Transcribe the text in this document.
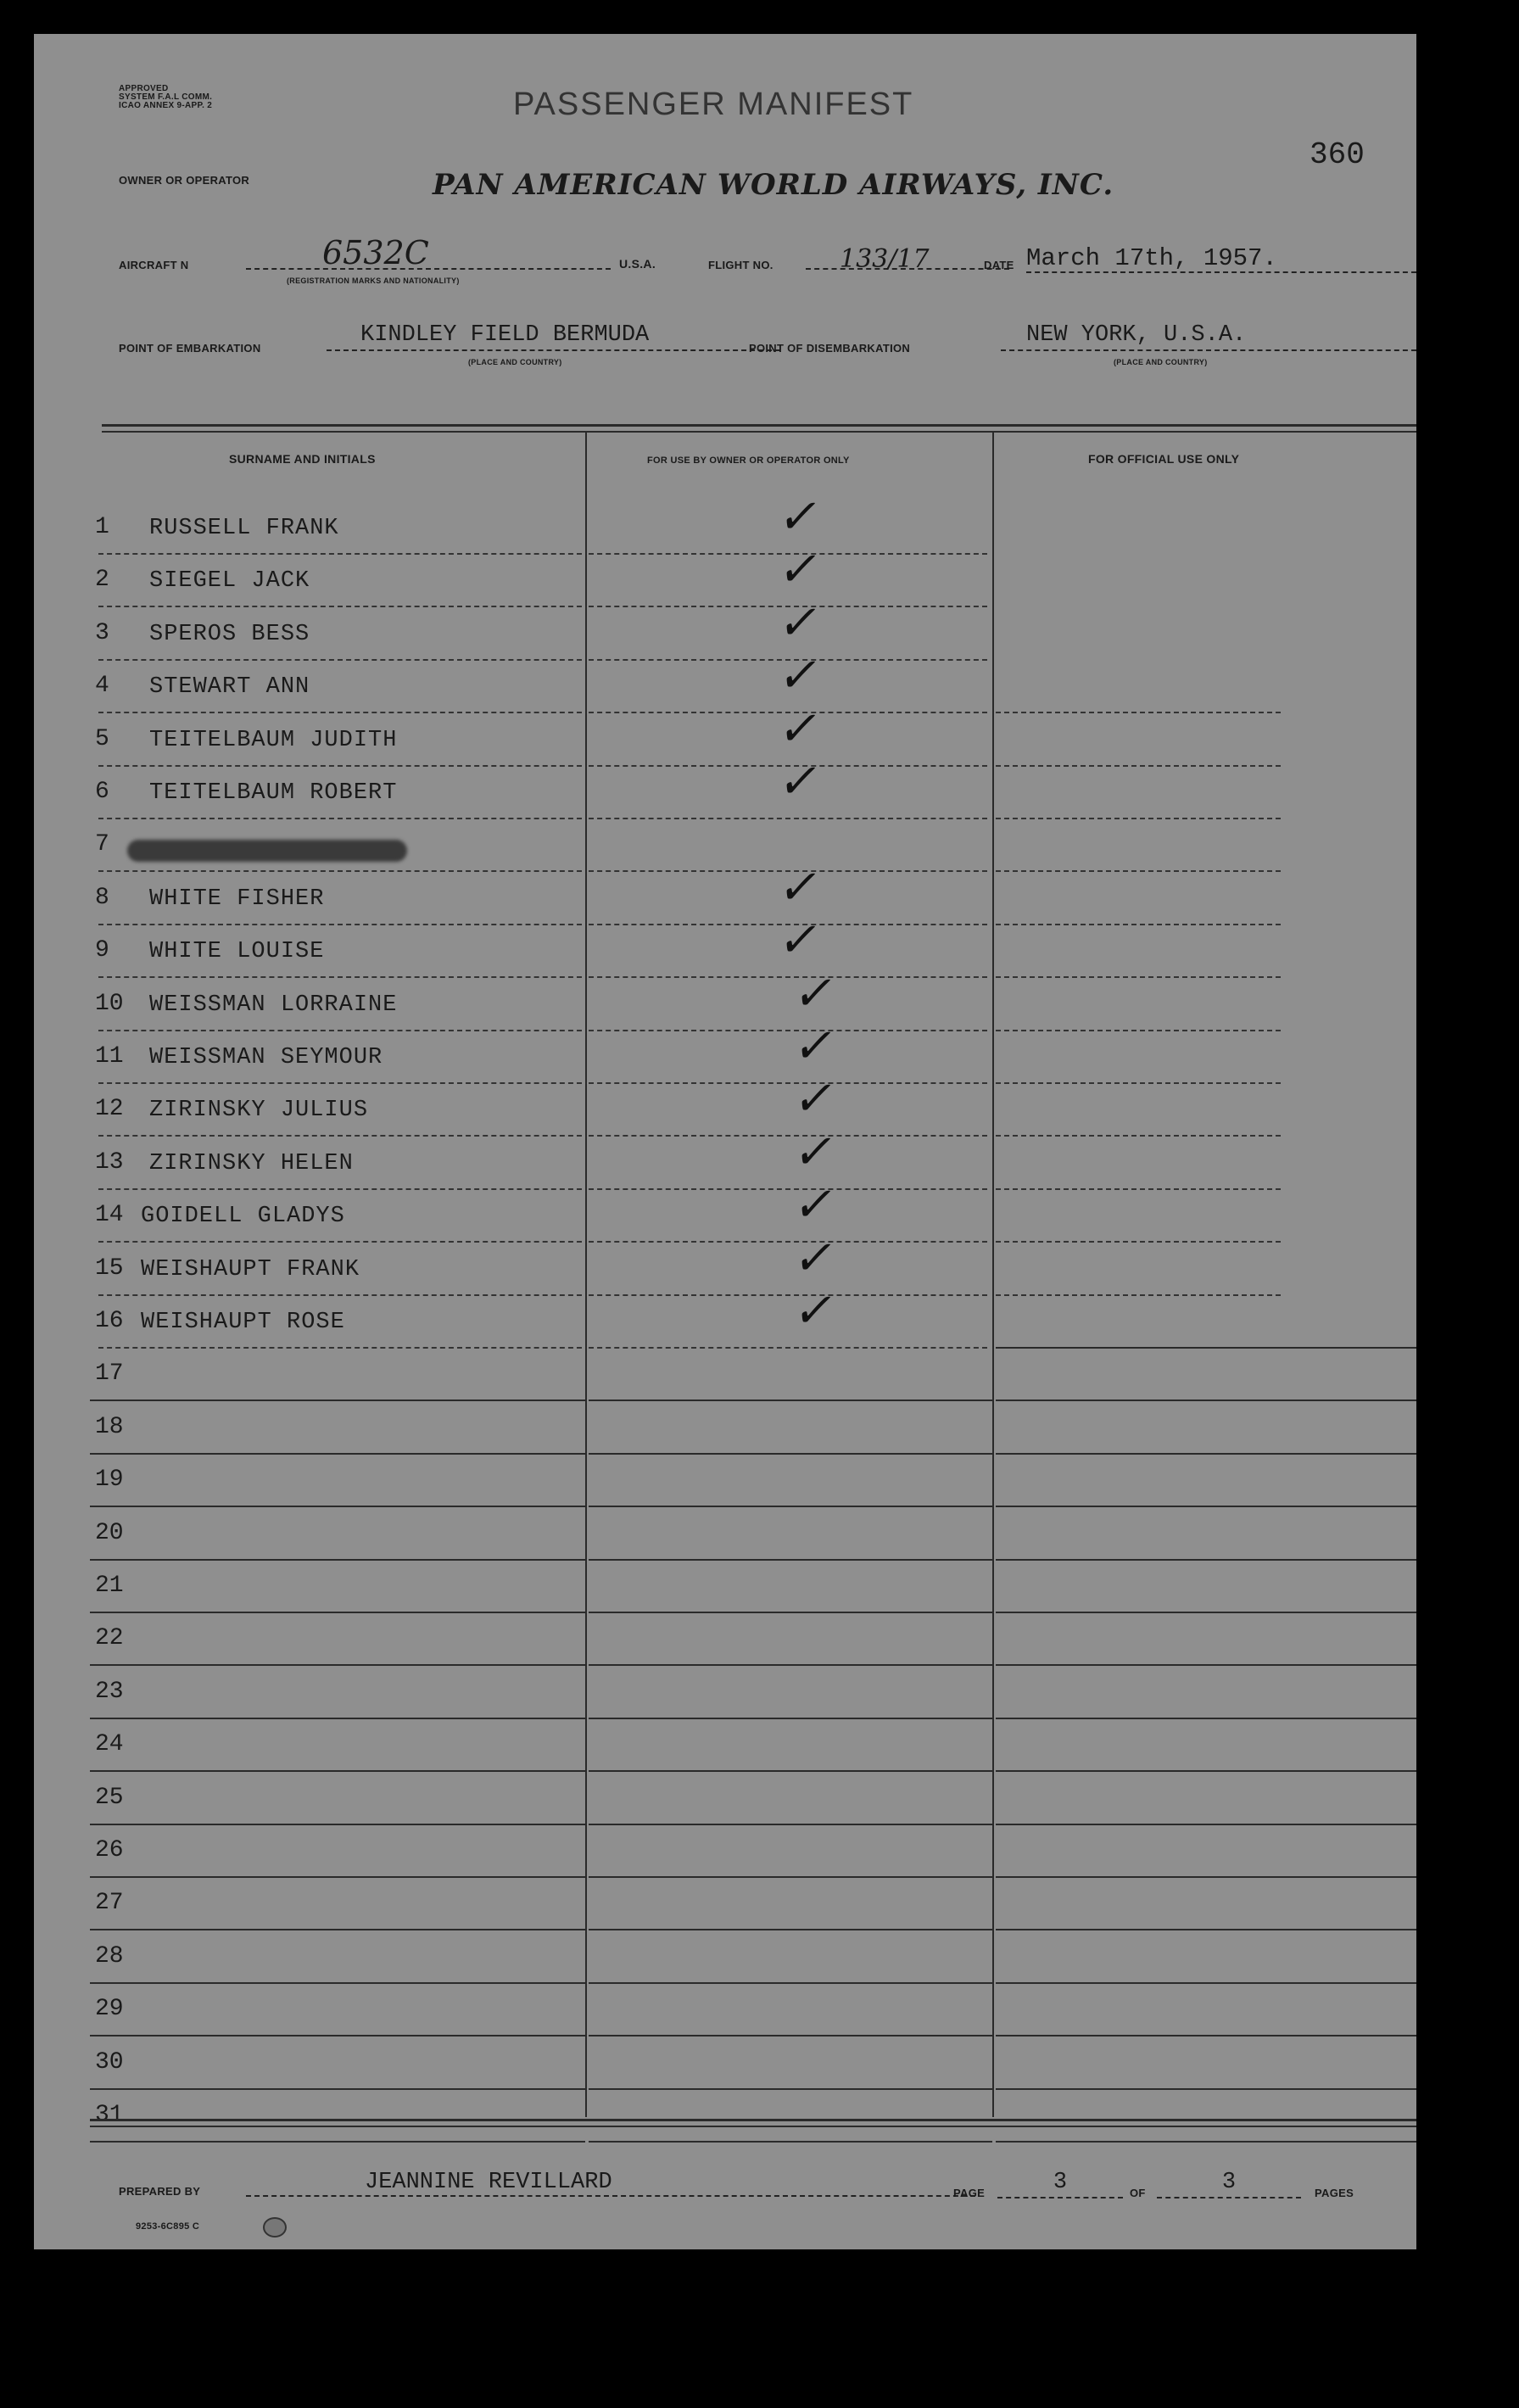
APPROVED
SYSTEM F.A.L COMM.
ICAO ANNEX 9-APP. 2	PASSENGER MANIFEST
360
OWNER OR OPERATOR	PAN AMERICAN WORLD AIRWAYS, INC.
AIRCRAFT N	6532C
(REGISTRATION MARKS AND NATIONALITY)
U.S.A.	FLIGHT NO.	133/17	DATE March 17th, 1957.
POINT OF EMBARKATION
KINDLEY FIELD BERMUDA
(PLACE AND COUNTRY)
POINT OF DISEMBARKATION
NEW YORK, U.S.A.
(PLACE AND COUNTRY)
SURNAME AND INITIALS	FOR USE BY OWNER OR OPERATOR ONLY	FOR OFFICIAL USE ONLY
1 RUSSELL FRANK	✓
2 SIEGEL JACK	✓
3 SPEROS BESS	✓
4 STEWART ANN	✓
5 TEITELBAUM JUDITH	✓
6 TEITELBAUM ROBERT	✓
7
8 WHITE FISHER	✓
9 WHITE LOUISE	✓
10 WEISSMAN LORRAINE	✓
11 WEISSMAN SEYMOUR	✓
12 ZIRINSKY JULIUS	✓
13 ZIRINSKY HELEN	✓
14 GOIDELL GLADYS	✓
15 WEISHAUPT FRANK	✓
16 WEISHAUPT ROSE	✓
17
18
19
20
21
22
23
24
25
26
27
28
29
30
31
PREPARED BY	JEANNINE REVILLARD	PAGE	3	OF	3	PAGES
9253-6C895 C
